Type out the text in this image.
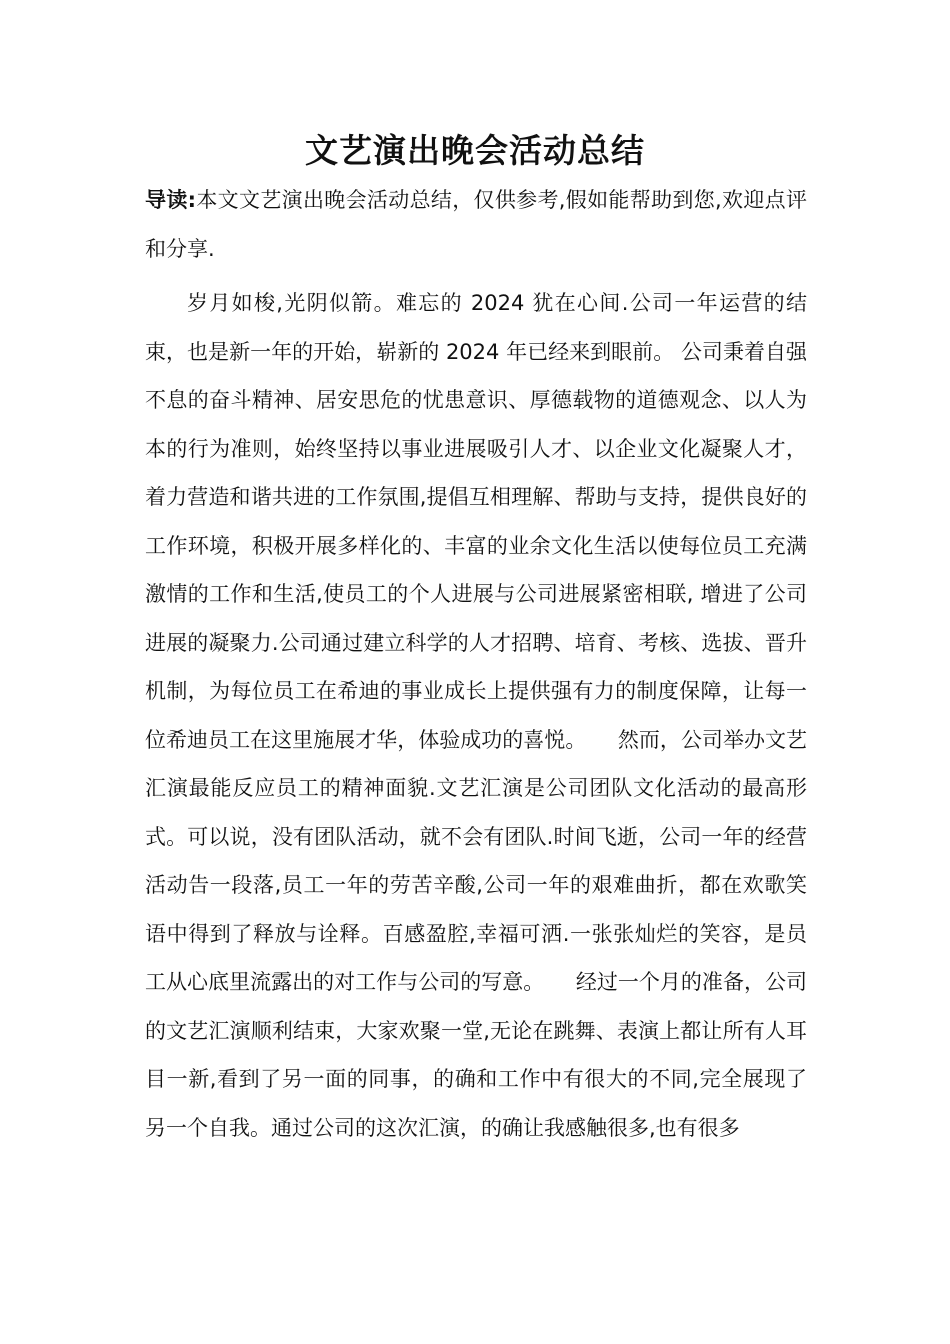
文艺演出晚会活动总结

导读:本文文艺演出晚会活动总结，仅供参考,假如能帮助到您,欢迎点评和分享.

岁月如梭,光阴似箭。难忘的 2024 犹在心间.公司一年运营的结束，也是新一年的开始，崭新的 2024 年已经来到眼前。 公司秉着自强不息的奋斗精神、居安思危的忧患意识、厚德载物的道德观念、以人为本的行为准则，始终坚持以事业进展吸引人才、以企业文化凝聚人才，着力营造和谐共进的工作氛围,提倡互相理解、帮助与支持，提供良好的工作环境，积极开展多样化的、丰富的业余文化生活以使每位员工充满激情的工作和生活,使员工的个人进展与公司进展紧密相联, 增进了公司进展的凝聚力.公司通过建立科学的人才招聘、培育、考核、选拔、晋升机制，为每位员工在希迪的事业成长上提供强有力的制度保障，让每一位希迪员工在这里施展才华，体验成功的喜悦。　　然而，公司举办文艺汇演最能反应员工的精神面貌.文艺汇演是公司团队文化活动的最高形式。可以说，没有团队活动，就不会有团队.时间飞逝，公司一年的经营活动告一段落,员工一年的劳苦辛酸,公司一年的艰难曲折，都在欢歌笑语中得到了释放与诠释。百感盈腔,幸福可洒.一张张灿烂的笑容，是员工从心底里流露出的对工作与公司的写意。　　经过一个月的准备，公司的文艺汇演顺利结束，大家欢聚一堂,无论在跳舞、表演上都让所有人耳目一新,看到了另一面的同事，的确和工作中有很大的不同,完全展现了另一个自我。通过公司的这次汇演，的确让我感触很多,也有很多
